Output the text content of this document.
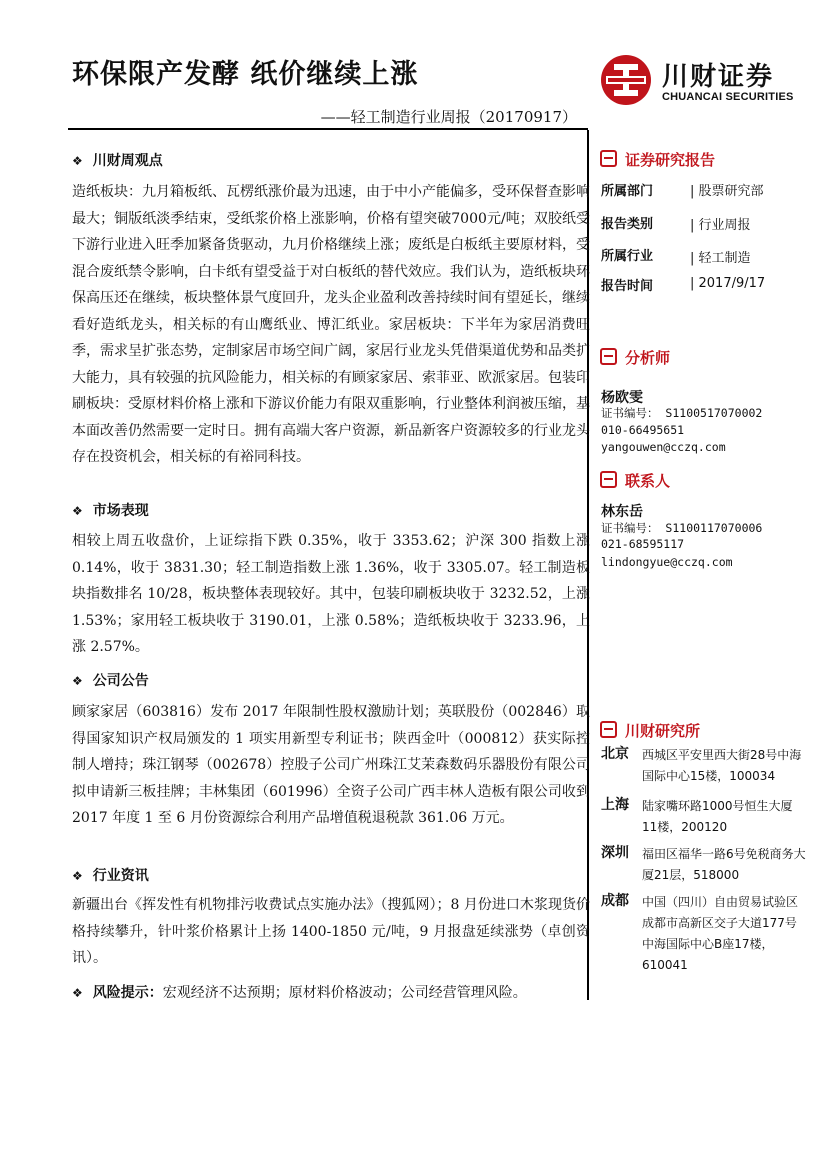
环保限产发酵 纸价继续上涨
——轻工制造行业周报（20170917）
川财证券
CHUANCAI SECURITIES
❖ 川财周观点

造纸板块：九月箱板纸、瓦楞纸涨价最为迅速，由于中小产能偏多，受环保督查影响最大；铜版纸淡季结束，受纸浆价格上涨影响，价格有望突破7000元/吨；双胶纸受下游行业进入旺季加紧备货驱动，九月价格继续上涨；废纸是白板纸主要原材料，受混合废纸禁令影响，白卡纸有望受益于对白板纸的替代效应。我们认为，造纸板块环保高压还在继续，板块整体景气度回升，龙头企业盈利改善持续时间有望延长，继续看好造纸龙头，相关标的有山鹰纸业、博汇纸业。家居板块：下半年为家居消费旺季，需求呈扩张态势，定制家居市场空间广阔，家居行业龙头凭借渠道优势和品类扩大能力，具有较强的抗风险能力，相关标的有顾家家居、索菲亚、欧派家居。包装印刷板块：受原材料价格上涨和下游议价能力有限双重影响，行业整体利润被压缩，基本面改善仍然需要一定时日。拥有高端大客户资源，新品新客户资源较多的行业龙头存在投资机会，相关标的有裕同科技。

❖ 市场表现

相较上周五收盘价，上证综指下跌 0.35%，收于 3353.62；沪深 300 指数上涨 0.14%，收于 3831.30；轻工制造指数上涨 1.36%，收于 3305.07。轻工制造板块指数排名 10/28，板块整体表现较好。其中，包装印刷板块收于 3232.52，上涨 1.53%；家用轻工板块收于 3190.01，上涨 0.58%；造纸板块收于 3233.96，上涨 2.57%。

❖ 公司公告

顾家家居（603816）发布 2017 年限制性股权激励计划；英联股份（002846）取得国家知识产权局颁发的 1 项实用新型专利证书；陕西金叶（000812）获实际控制人增持；珠江钢琴（002678）控股子公司广州珠江艾茉森数码乐器股份有限公司拟申请新三板挂牌；丰林集团（601996）全资子公司广西丰林人造板有限公司收到 2017 年度 1 至 6 月份资源综合利用产品增值税退税款 361.06 万元。

❖ 行业资讯

新疆出台《挥发性有机物排污收费试点实施办法》（搜狐网）；8 月份进口木浆现货价格持续攀升，针叶浆价格累计上扬 1400-1850 元/吨，9 月报盘延续涨势（卓创资讯）。

❖ 风险提示：宏观经济不达预期；原材料价格波动；公司经营管理风险。
证券研究报告
所属部门	| 股票研究部
报告类别	| 行业周报
所属行业	| 轻工制造
报告时间	| 2017/9/17
分析师
杨欧雯
证书编号： S1100517070002
010-66495651
yangouwen@cczq.com
联系人
林东岳
证书编号： S1100117070006
021-68595117
lindongyue@cczq.com
川财研究所
北京 西城区平安里西大街28号中海国际中心15楼，100034
上海 陆家嘴环路1000号恒生大厦11楼，200120
深圳 福田区福华一路6号免税商务大厦21层，518000
成都 中国（四川）自由贸易试验区成都市高新区交子大道177号中海国际中心B座17楼，610041
